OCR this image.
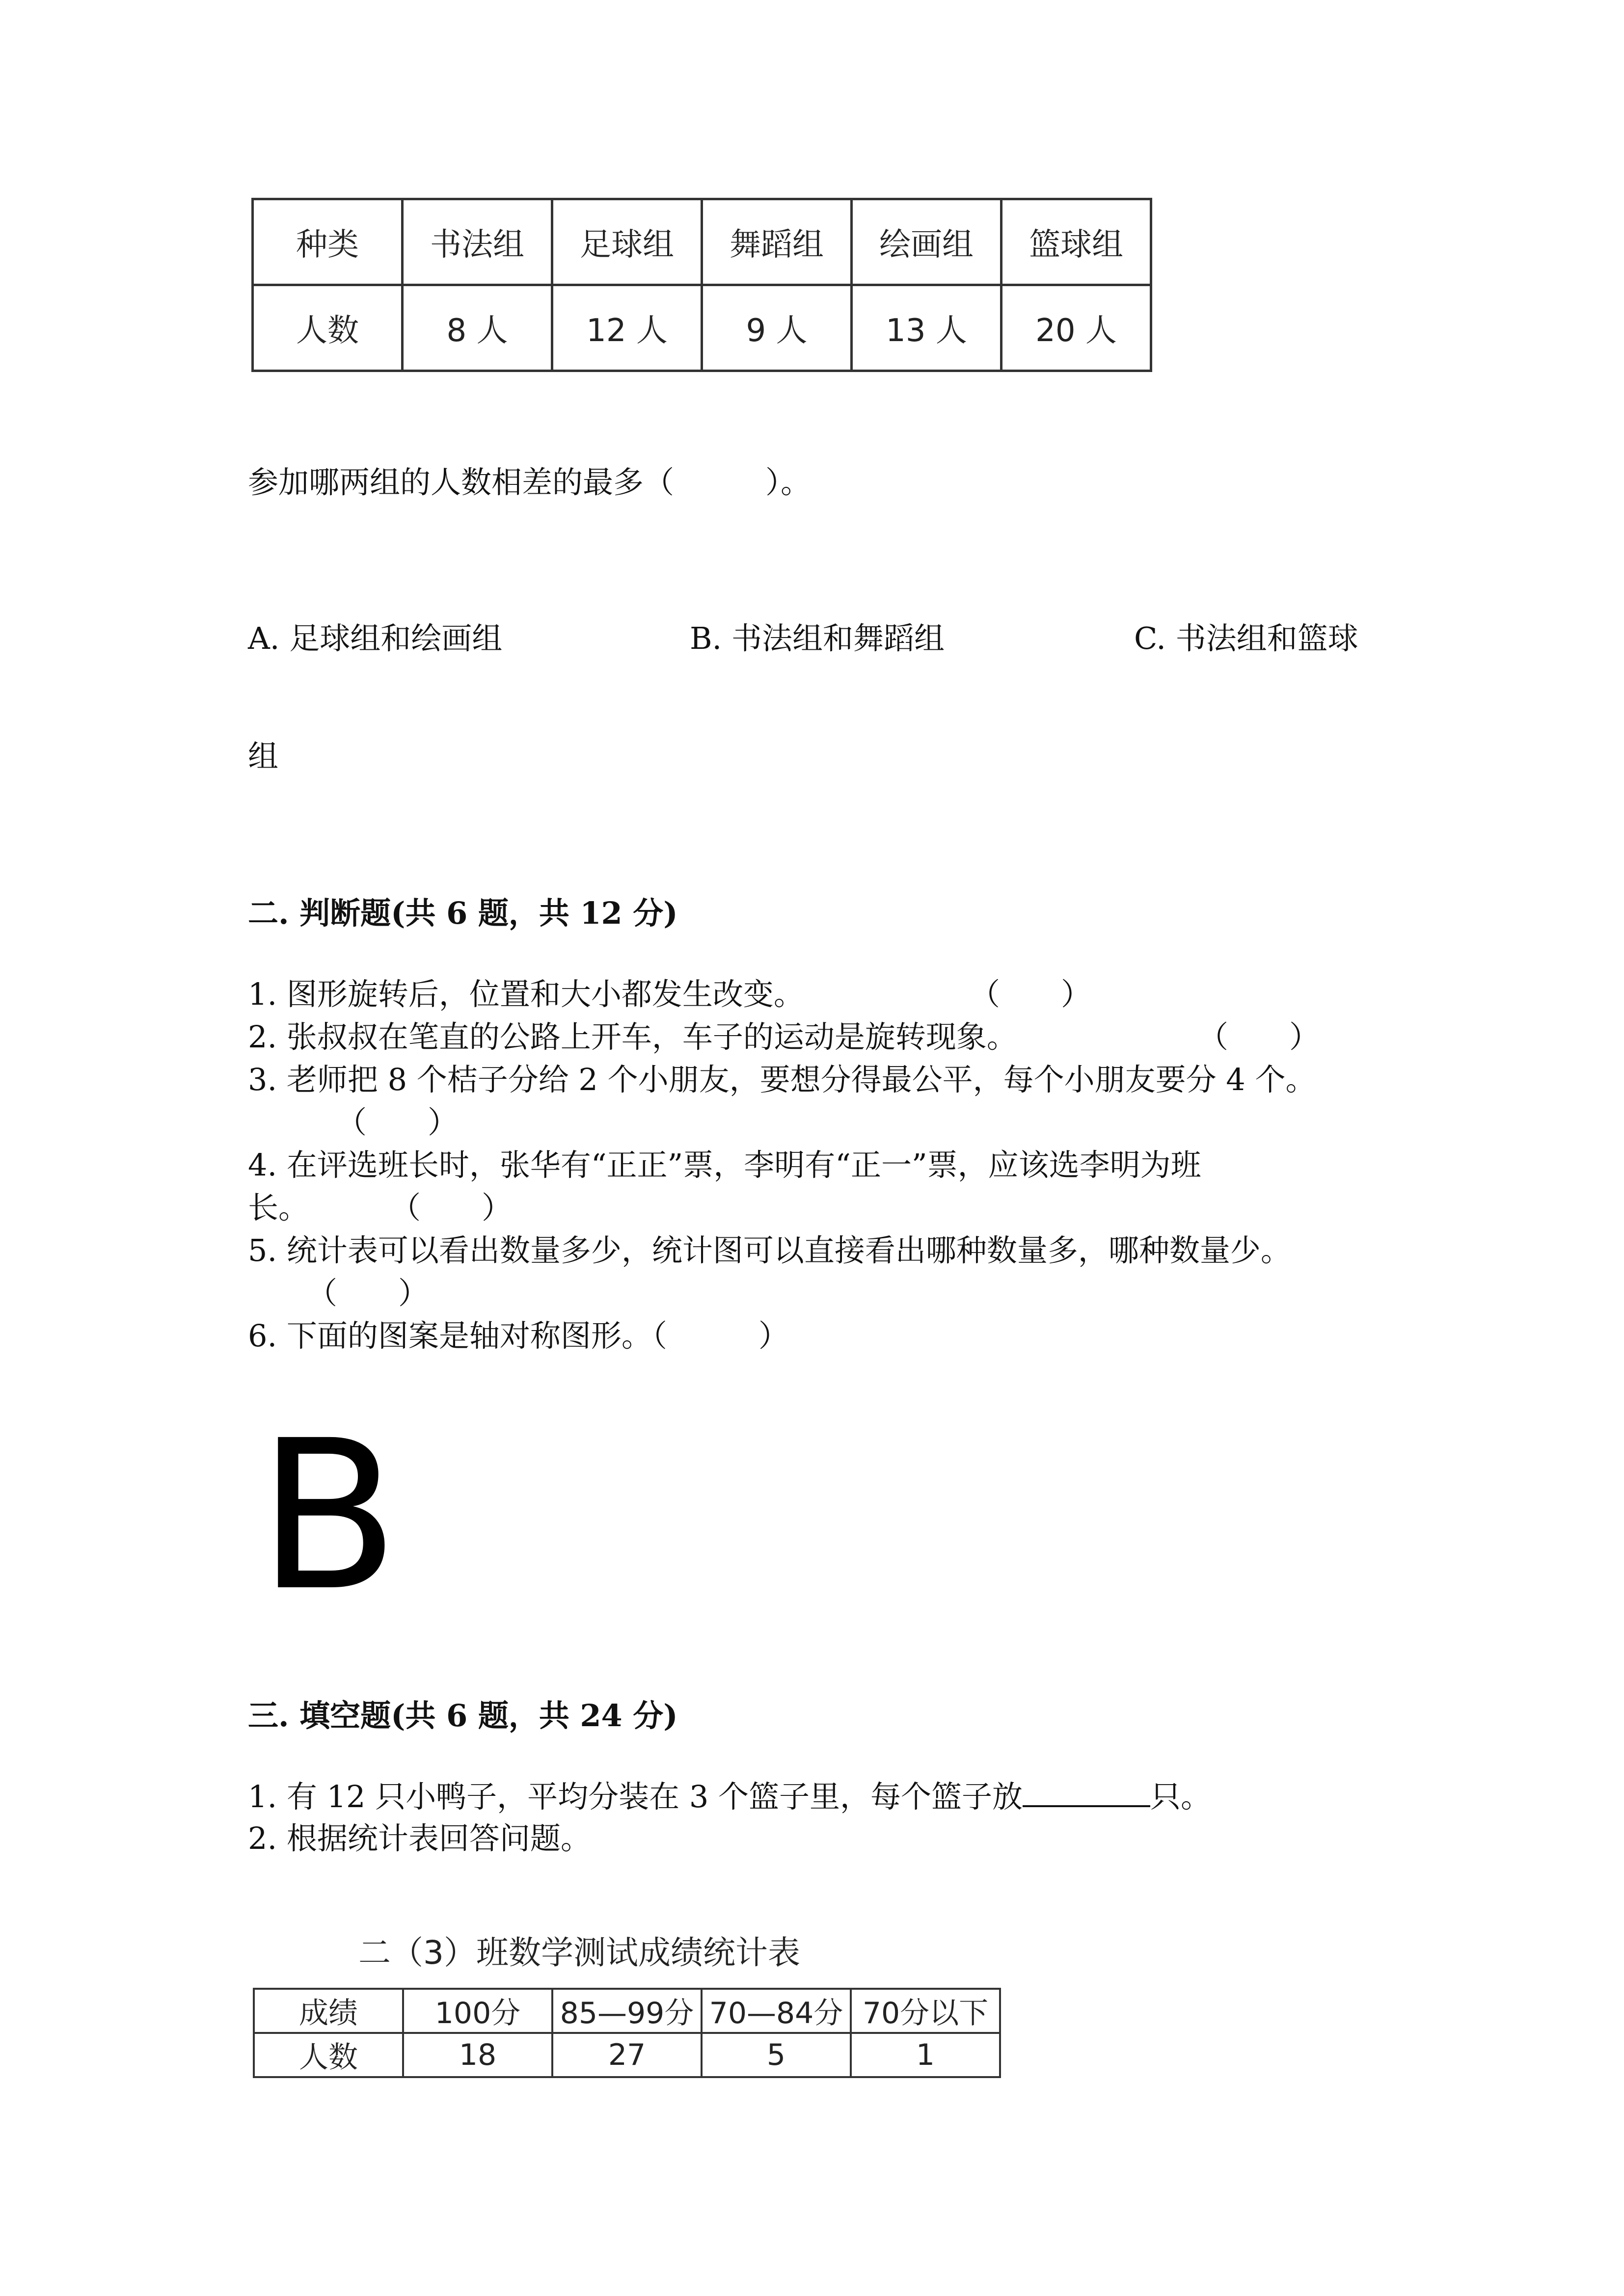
种类	书法组	足球组	舞蹈组	绘画组	篮球组
人数	8 人	12 人	9 人	13 人	20 人
参加哪两组的人数相差的最多（　　　）。
A. 足球组和绘画组	B. 书法组和舞蹈组	C. 书法组和篮球
组
二. 判断题(共 6 题，共 12 分)
1. 图形旋转后，位置和大小都发生改变。	（　　）
2. 张叔叔在笔直的公路上开车，车子的运动是旋转现象。	（　　）
3. 老师把 8 个桔子分给 2 个小朋友，要想分得最公平，每个小朋友要分 4 个。
（　　）
4. 在评选班长时，张华有“正正”票，李明有“正一”票，应该选李明为班
长。	（　　）
5. 统计表可以看出数量多少，统计图可以直接看出哪种数量多，哪种数量少。
（　　）
6. 下面的图案是轴对称图形。（　　　）
B
三. 填空题(共 6 题，共 24 分)
1. 有 12 只小鸭子，平均分装在 3 个篮子里，每个篮子放	只。
2. 根据统计表回答问题。
二（3）班数学测试成绩统计表
成绩	100分	85—99分	70—84分	70分以下
人数	18	27	5	1
